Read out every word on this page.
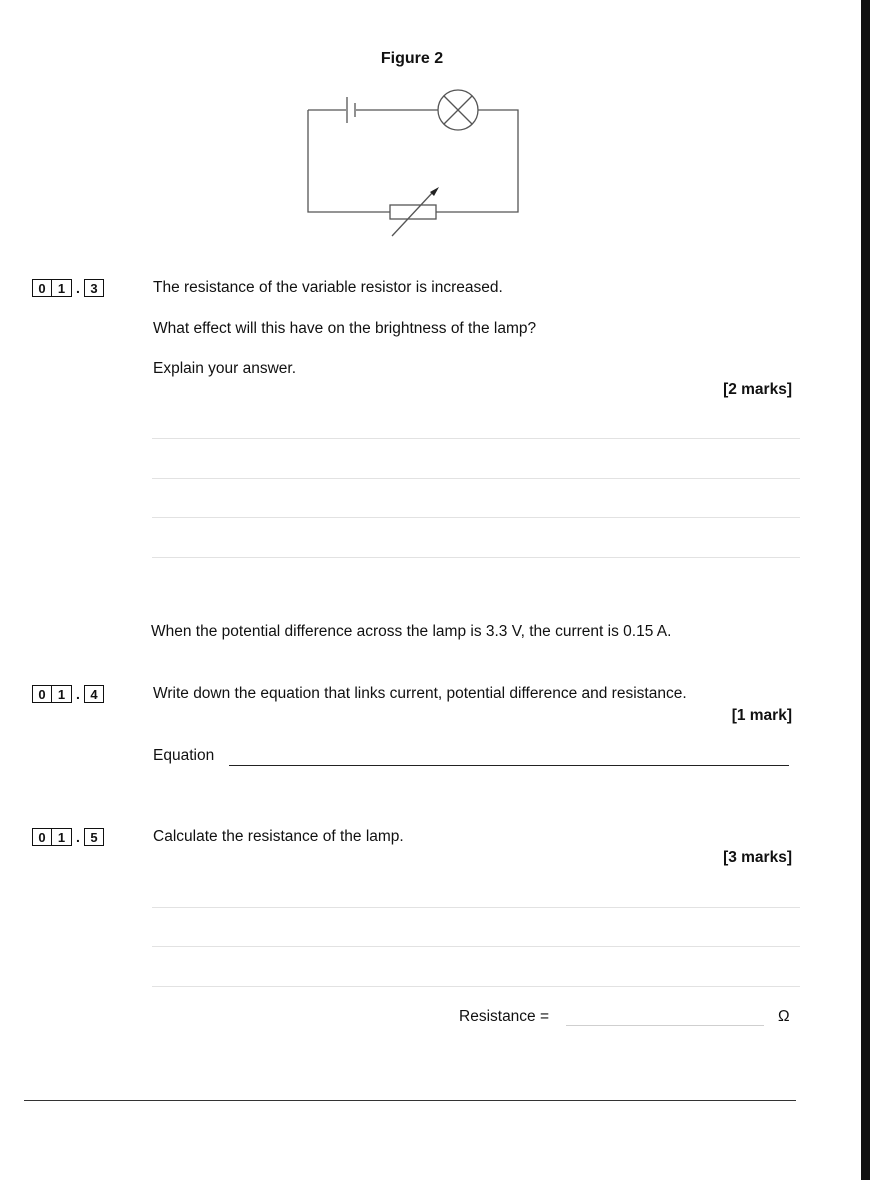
Figure 2
0 1 . 3	The resistance of the variable resistor is increased.
What effect will this have on the brightness of the lamp?
Explain your answer.
[2 marks]
When the potential difference across the lamp is 3.3 V, the current is 0.15 A.
0 1 . 4	Write down the equation that links current, potential difference and resistance.
[1 mark]
Equation
0 1 . 5	Calculate the resistance of the lamp.
[3 marks]
Resistance =	Ω
